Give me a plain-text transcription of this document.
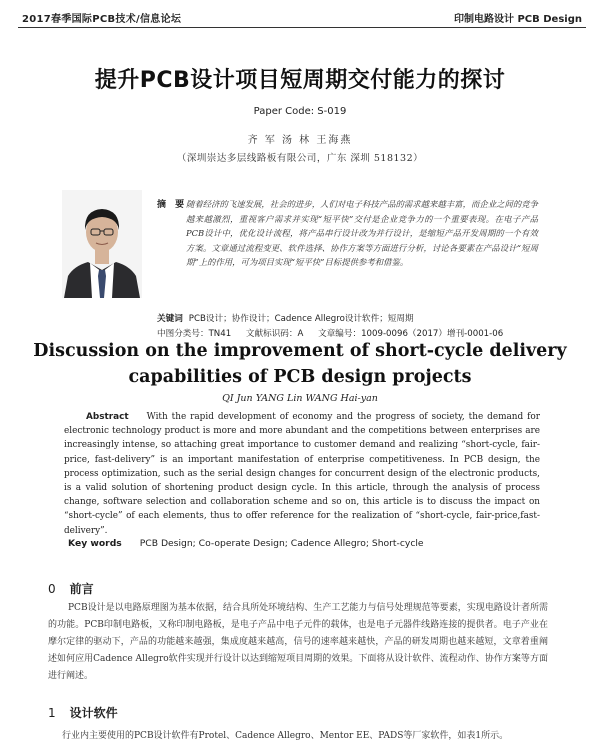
2017春季国际PCB技术/信息论坛	印制电路设计 PCB Design
提升PCB设计项目短周期交付能力的探讨
Paper Code: S-019
齐 军 汤 林 王海燕
（深圳崇达多层线路板有限公司，广东 深圳 518132）
摘 要
随着经济的飞速发展，社会的进步，人们对电子科技产品的需求越来越丰富，而企业之间的竞争越来越激烈，重视客户需求并实现“短平快”交付是企业竞争力的一个重要表现。在电子产品PCB设计中，优化设计流程，将产品串行设计改为并行设计，是缩短产品开发周期的一个有效方案。文章通过流程变更、软件选择、协作方案等方面进行分析，讨论各要素在产品设计“短周期”上的作用，可为项目实现“短平快”目标提供参考和借鉴。
关键词 PCB设计；协作设计；Cadence Allegro设计软件；短周期
中图分类号：TN41 文献标识码：A 文章编号：1009-0096（2017）增刊-0001-06
Discussion on the improvement of short-cycle delivery capabilities of PCB design projects
QI Jun YANG Lin WANG Hai-yan
Abstract With the rapid development of economy and the progress of society, the demand for electronic technology product is more and more abundant and the competitions between enterprises are increasingly intense, so attaching great importance to customer demand and realizing “short-cycle, fair-price, fast-delivery” is an important manifestation of enterprise competitiveness. In PCB design, the process optimization, such as the serial design changes for concurrent design of the electronic products, is a valid solution of shortening product design cycle. In this article, through the analysis of process change, software selection and collaboration scheme and so on, this article is to discuss the impact on “short-cycle” of each elements, thus to offer reference for the realization of “short-cycle, fair-price,fast-delivery”.
Key words PCB Design; Co-operate Design; Cadence Allegro; Short-cycle
0 前言
PCB设计是以电路原理图为基本依据，结合具所处环境结构、生产工艺能力与信号处理规范等要素，实现电路设计者所需的功能。PCB印制电路板，又称印制电路板，是电子产品中电子元件的载体，也是电子元器件线路连接的提供者。电子产业在摩尔定律的驱动下，产品的功能越来越强，集成度越来越高，信号的速率越来越快，产品的研发周期也越来越短，文章着重阐述如何应用Cadence Allegro软件实现并行设计以达到缩短项目周期的效果。下面将从设计软件、流程动作、协作方案等方面进行阐述。
1 设计软件
行业内主要使用的PCB设计软件有Protel、Cadence Allegro、Mentor EE、PADS等厂家软件，如表1所示。
